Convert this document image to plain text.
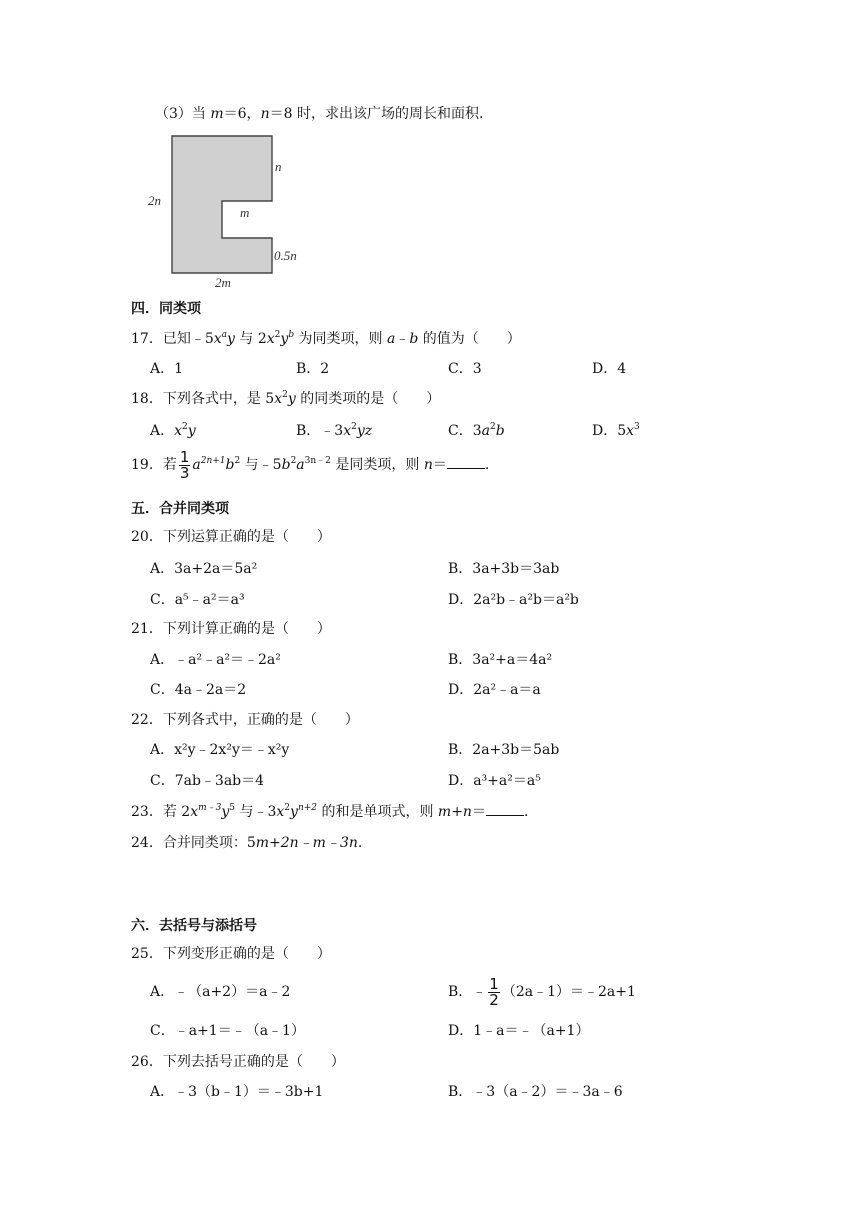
（3）当 m＝6，n＝8 时，求出该广场的周长和面积.
2n
n
m
0.5n
2m
四．同类项
17．已知$﹣5x^ay$ 与 $2x^2y^b$ 为同类项，则 a﹣b 的值为（　　）
A．1	B．2	C．3	D．4
18．下列各式中，是 $5x^2y$ 的同类项的是（　　）
A．$x^2y$	B．$﹣3x^2yz$	C．$3a^2b$	D．$5x^3$
19．若 $\frac{1}{3} a^{2n+1}b^2$ 与$﹣5b^2a^{3n﹣2}$ 是同类项，则 n＝	.
五．合并同类项
20．下列运算正确的是（　　）
A．3a+2a＝5a²	B．3a+3b＝3ab
C．a⁵﹣a²＝a³	D．2a²b﹣a²b＝a²b
21．下列计算正确的是（　　）
A．﹣a²﹣a²＝﹣2a²	B．3a²+a＝4a²
C．4a﹣2a＝2	D．2a²﹣a＝a
22．下列各式中，正确的是（　　）
A．x²y﹣2x²y＝﹣x²y	B．2a+3b＝5ab
C．7ab﹣3ab＝4	D．a³+a²＝a⁵
23．若 $2x^{m﹣3}y^5$ 与$﹣3x^2y^{n+2}$ 的和是单项式，则 m+n＝	.
24．合并同类项：5m+2n﹣m﹣3n.
六．去括号与添括号
25．下列变形正确的是（　　）
A．﹣（a+2）＝a﹣2	B．﹣ $\frac{1}{2}$ （2a﹣1）＝﹣2a+1
C．﹣a+1＝﹣（a﹣1）	D．1﹣a＝﹣（a+1）
26．下列去括号正确的是（　　）
A．﹣3（b﹣1）＝﹣3b+1	B．﹣3（a﹣2）＝﹣3a﹣6
